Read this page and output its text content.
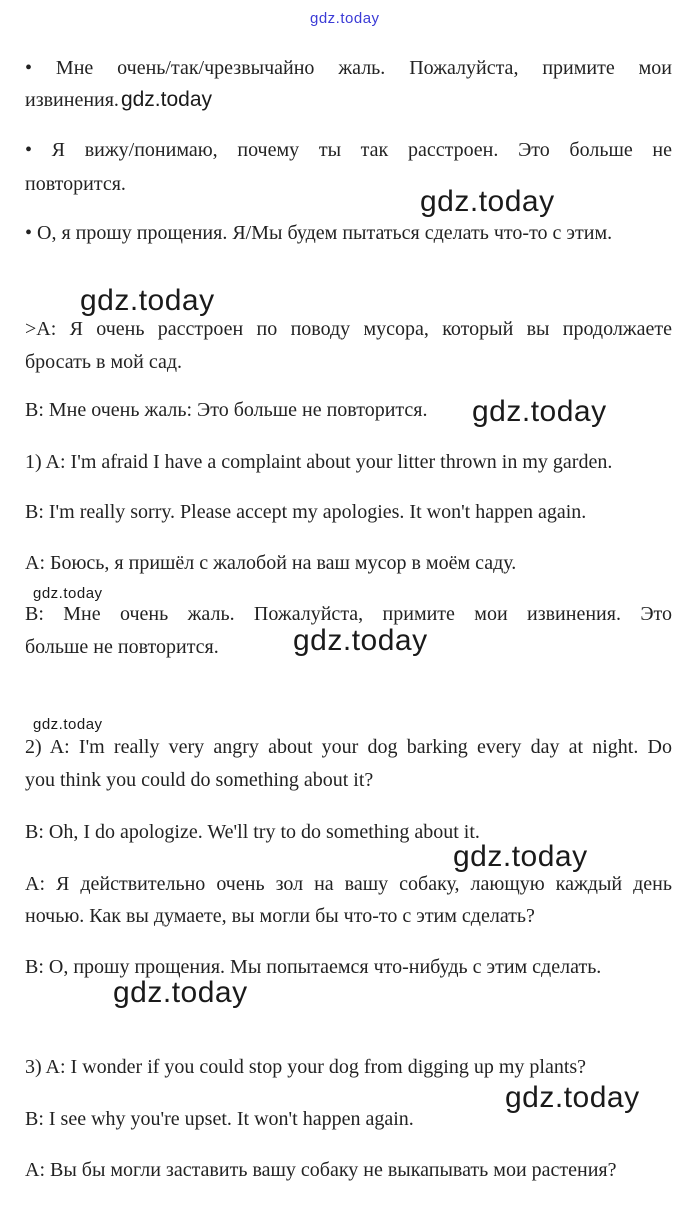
gdz.today
• Мне очень/так/чрезвычайно жаль. Пожалуйста, примите мои
извинения.gdz.today
• Я вижу/понимаю, почему ты так расстроен. Это больше не
повторится.
gdz.today
• О, я прошу прощения. Я/Мы будем пытаться сделать что-то с этим.
gdz.today
>A: Я очень расстроен по поводу мусора, который вы продолжаете
бросать в мой сад.
B: Мне очень жаль: Это больше не повторится. gdz.today
1) A: I'm afraid I have a complaint about your litter thrown in my garden.
B: I'm really sorry. Please accept my apologies. It won't happen again.
A: Боюсь, я пришёл с жалобой на ваш мусор в моём саду.
gdz.today
B: Мне очень жаль. Пожалуйста, примите мои извинения. Это
больше не повторится. gdz.today
gdz.today
2) A: I'm really very angry about your dog barking every day at night. Do
you think you could do something about it?
B: Oh, I do apologize. We'll try to do something about it.
gdz.today
A: Я действительно очень зол на вашу собаку, лающую каждый день
ночью. Как вы думаете, вы могли бы что-то с этим сделать?
B: О, прошу прощения. Мы попытаемся что-нибудь с этим сделать.
gdz.today
3) A: I wonder if you could stop your dog from digging up my plants?
gdz.today
B: I see why you're upset. It won't happen again.
A: Вы бы могли заставить вашу собаку не выкапывать мои растения?
